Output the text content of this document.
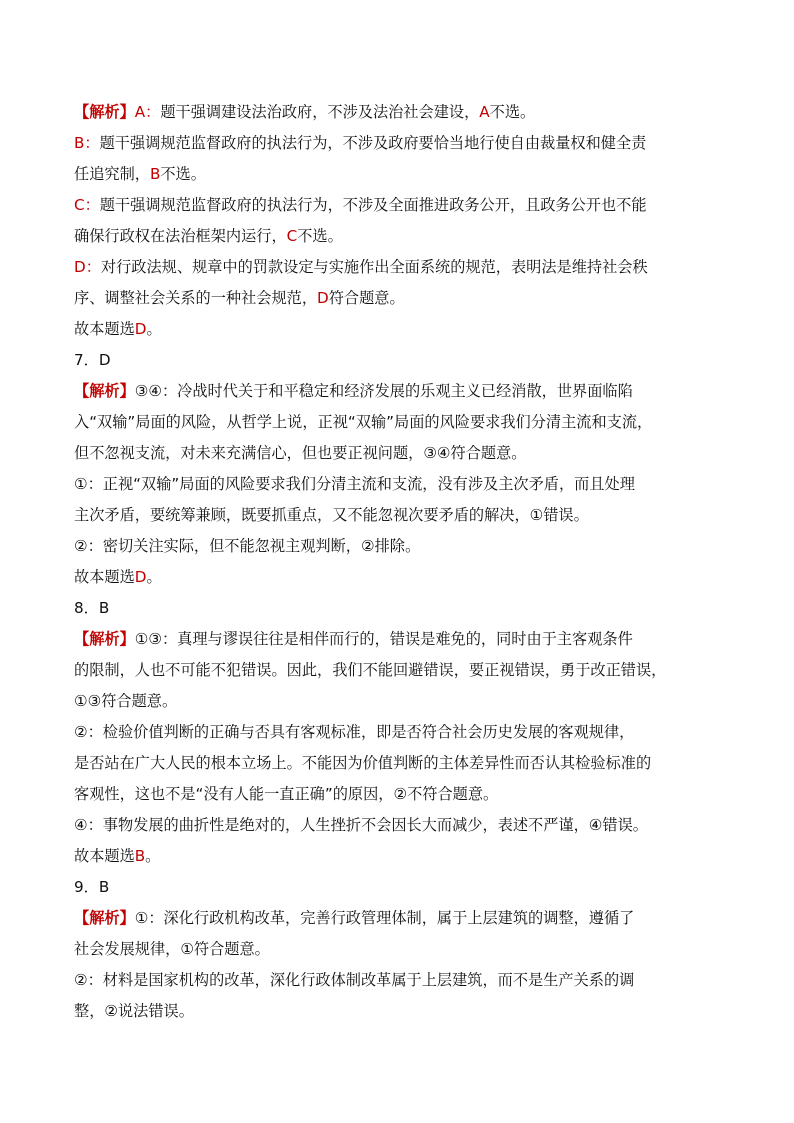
【解析】A：题干强调建设法治政府，不涉及法治社会建设，A不选。
B：题干强调规范监督政府的执法行为，不涉及政府要恰当地行使自由裁量权和健全责
任追究制，B不选。
C：题干强调规范监督政府的执法行为，不涉及全面推进政务公开，且政务公开也不能
确保行政权在法治框架内运行，C不选。
D：对行政法规、规章中的罚款设定与实施作出全面系统的规范，表明法是维持社会秩
序、调整社会关系的一种社会规范，D符合题意。
故本题选D。
7．D
【解析】③④：冷战时代关于和平稳定和经济发展的乐观主义已经消散，世界面临陷
入“双输”局面的风险，从哲学上说，正视“双输”局面的风险要求我们分清主流和支流，
但不忽视支流，对未来充满信心，但也要正视问题，③④符合题意。
①：正视“双输”局面的风险要求我们分清主流和支流，没有涉及主次矛盾，而且处理
主次矛盾，要统筹兼顾，既要抓重点，又不能忽视次要矛盾的解决，①错误。
②：密切关注实际，但不能忽视主观判断，②排除。
故本题选D。
8．B
【解析】①③：真理与谬误往往是相伴而行的，错误是难免的，同时由于主客观条件
的限制，人也不可能不犯错误。因此，我们不能回避错误，要正视错误，勇于改正错误，
①③符合题意。
②：检验价值判断的正确与否具有客观标准，即是否符合社会历史发展的客观规律，
是否站在广大人民的根本立场上。不能因为价值判断的主体差异性而否认其检验标准的
客观性，这也不是“没有人能一直正确”的原因，②不符合题意。
④：事物发展的曲折性是绝对的，人生挫折不会因长大而减少，表述不严谨，④错误。
故本题选B。
9．B
【解析】①：深化行政机构改革，完善行政管理体制，属于上层建筑的调整，遵循了
社会发展规律，①符合题意。
②：材料是国家机构的改革，深化行政体制改革属于上层建筑，而不是生产关系的调
整，②说法错误。
